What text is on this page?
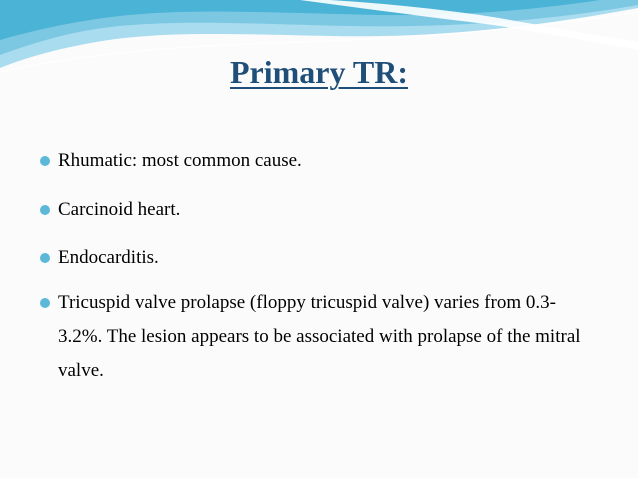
Primary TR:
Rhumatic: most common cause.
Carcinoid heart.
Endocarditis.
Tricuspid valve prolapse (floppy tricuspid valve) varies from 0.3-3.2%. The lesion appears to be associated with prolapse of the mitral valve.
